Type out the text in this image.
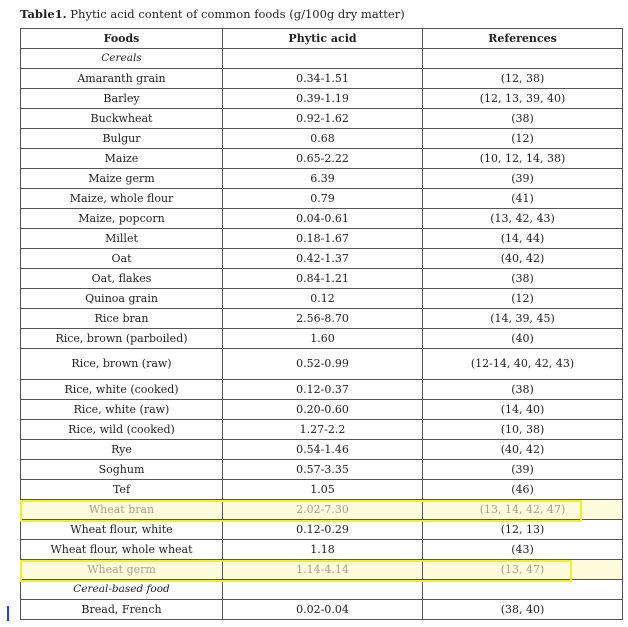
Table1. Phytic acid content of common foods (g/100g dry matter)
Foods	Phytic acid	References
Cereals		
Amaranth grain	0.34-1.51	(12, 38)
Barley	0.39-1.19	(12, 13, 39, 40)
Buckwheat	0.92-1.62	(38)
Bulgur	0.68	(12)
Maize	0.65-2.22	(10, 12, 14, 38)
Maize germ	6.39	(39)
Maize, whole flour	0.79	(41)
Maize, popcorn	0.04-0.61	(13, 42, 43)
Millet	0.18-1.67	(14, 44)
Oat	0.42-1.37	(40, 42)
Oat, flakes	0.84-1.21	(38)
Quinoa grain	0.12	(12)
Rice bran	2.56-8.70	(14, 39, 45)
Rice, brown (parboiled)	1.60	(40)
Rice, brown (raw)	0.52-0.99	(12-14, 40, 42, 43)
Rice, white (cooked)	0.12-0.37	(38)
Rice, white (raw)	0.20-0.60	(14, 40)
Rice, wild (cooked)	1.27-2.2	(10, 38)
Rye	0.54-1.46	(40, 42)
Soghum	0.57-3.35	(39)
Tef	1.05	(46)
Wheat bran	2.02-7.30	(13, 14, 42, 47)
Wheat flour, white	0.12-0.29	(12, 13)
Wheat flour, whole wheat	1.18	(43)
Wheat germ	1.14-4.14	(13, 47)
Cereal-based food		
Bread, French	0.02-0.04	(38, 40)
